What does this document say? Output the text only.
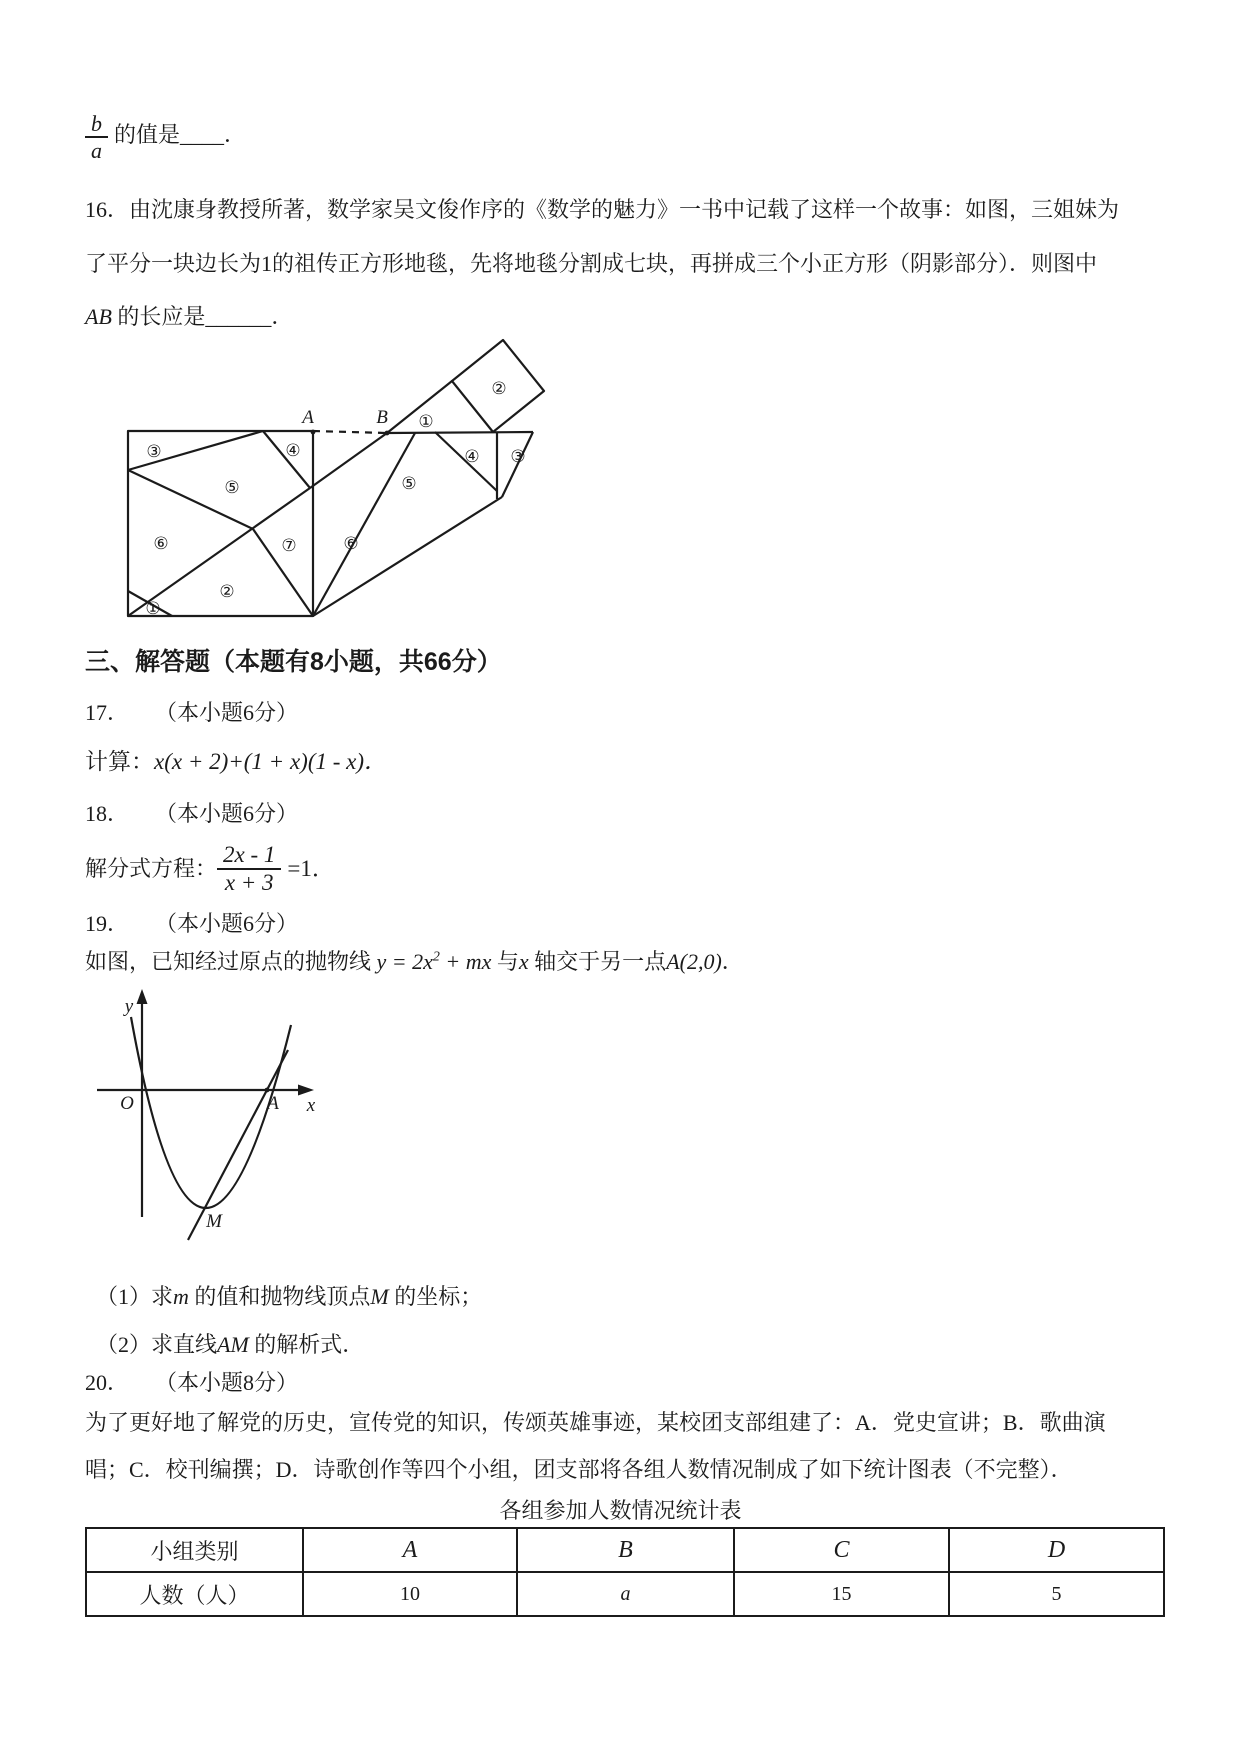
$\frac{b}{a}$ 的值是____．
16．由沈康身教授所著，数学家吴文俊作序的《数学的魅力》一书中记载了这样一个故事：如图，三姐妹为
了平分一块边长为1的祖传正方形地毯，先将地毯分割成七块，再拼成三个小正方形（阴影部分）．则图中
AB 的长应是______．
A	B
③	④
⑤
⑥	⑦
②
①
①
②
④ ③
⑤
⑥
三、解答题（本题有8小题，共66分）
17． （本小题6分）
计算：x(x + 2)+(1 + x)(1 - x)．
18． （本小题6分）
解分式方程： $\frac{2x - 1}{x + 3} =1$．
19． （本小题6分）
如图，已知经过原点的抛物线 $y = 2x^2$ + mx 与x 轴交于另一点A(2,0)．
y
x
O	A
M
（1）求m 的值和抛物线顶点M 的坐标；
（2）求直线AM 的解析式．
20． （本小题8分）
为了更好地了解党的历史，宣传党的知识，传颂英雄事迹，某校团支部组建了：A．党史宣讲；B．歌曲演
唱；C．校刊编撰；D．诗歌创作等四个小组，团支部将各组人数情况制成了如下统计图表（不完整）．
各组参加人数情况统计表
小组类别	A	B	C	D
人数（人）	10	a	15	5
